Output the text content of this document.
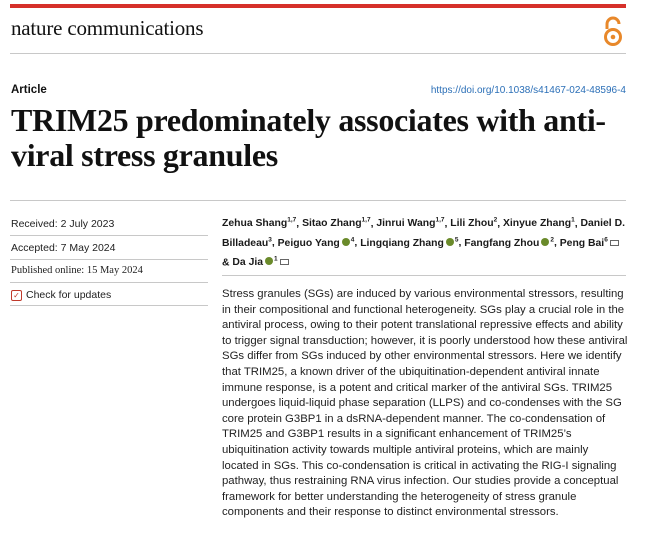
nature communications
Article	https://doi.org/10.1038/s41467-024-48596-4
TRIM25 predominately associates with anti-viral stress granules
Received: 2 July 2023
Accepted: 7 May 2024
Published online: 15 May 2024
✓ Check for updates
Zehua Shang$^{1,7}$, Sitao Zhang$^{1,7}$, Jinrui Wang$^{1,7}$, Lili Zhou$^2$, Xinyue Zhang$^1$, Daniel D. Billadeau$^3$, Peiguo Yang $^4$, Lingqiang Zhang $^5$, Fangfang Zhou $^2$, Peng Bai$^6$ & Da Jia $^1$

Stress granules (SGs) are induced by various environmental stressors, resulting in their compositional and functional heterogeneity. SGs play a crucial role in the antiviral process, owing to their potent translational repressive effects and ability to trigger signal transduction; however, it is poorly understood how these antiviral SGs differ from SGs induced by other environmental stressors. Here we identify that TRIM25, a known driver of the ubiquitination-dependent antiviral innate immune response, is a potent and critical marker of the antiviral SGs. TRIM25 undergoes liquid-liquid phase separation (LLPS) and co-condenses with the SG core protein G3BP1 in a dsRNA-dependent manner. The co-condensation of TRIM25 and G3BP1 results in a significant enhancement of TRIM25’s ubiquitination activity towards multiple antiviral proteins, which are mainly located in SGs. This co-condensation is critical in activating the RIG-I signaling pathway, thus restraining RNA virus infection. Our studies provide a conceptual framework for better understanding the heterogeneity of stress granule components and their response to distinct environmental stressors.
